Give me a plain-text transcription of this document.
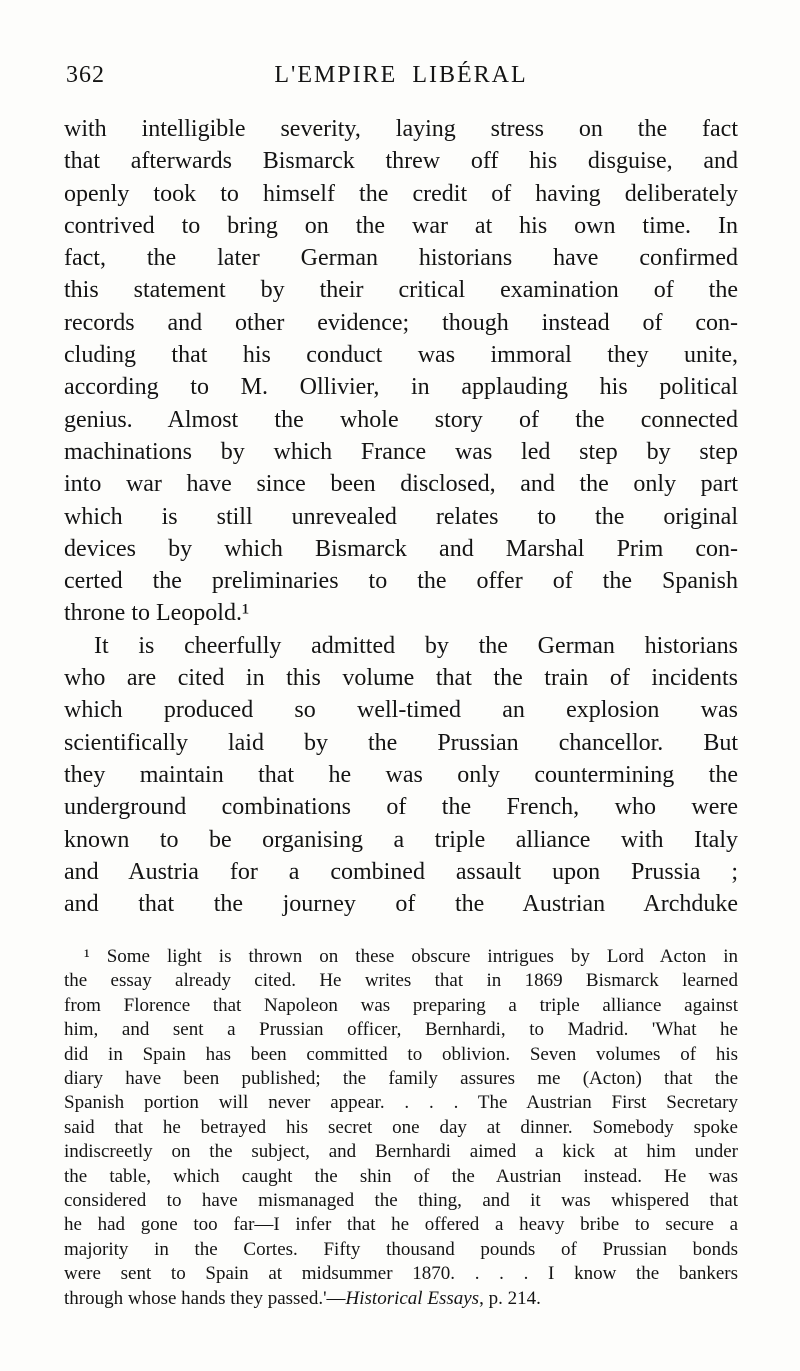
362	L'EMPIRE LIBÉRAL
with intelligible severity, laying stress on the fact
that afterwards Bismarck threw off his disguise, and
openly took to himself the credit of having deliberately
contrived to bring on the war at his own time. In
fact, the later German historians have confirmed
this statement by their critical examination of the
records and other evidence; though instead of con-
cluding that his conduct was immoral they unite,
according to M. Ollivier, in applauding his political
genius. Almost the whole story of the connected
machinations by which France was led step by step
into war have since been disclosed, and the only part
which is still unrevealed relates to the original
devices by which Bismarck and Marshal Prim con-
certed the preliminaries to the offer of the Spanish
throne to Leopold.¹
It is cheerfully admitted by the German historians
who are cited in this volume that the train of incidents
which produced so well-timed an explosion was
scientifically laid by the Prussian chancellor. But
they maintain that he was only countermining the
underground combinations of the French, who were
known to be organising a triple alliance with Italy
and Austria for a combined assault upon Prussia ;
and that the journey of the Austrian Archduke
¹ Some light is thrown on these obscure intrigues by Lord Acton in
the essay already cited. He writes that in 1869 Bismarck learned
from Florence that Napoleon was preparing a triple alliance against
him, and sent a Prussian officer, Bernhardi, to Madrid. 'What he
did in Spain has been committed to oblivion. Seven volumes of his
diary have been published; the family assures me (Acton) that the
Spanish portion will never appear. . . . The Austrian First Secretary
said that he betrayed his secret one day at dinner. Somebody spoke
indiscreetly on the subject, and Bernhardi aimed a kick at him under
the table, which caught the shin of the Austrian instead. He was
considered to have mismanaged the thing, and it was whispered that
he had gone too far—I infer that he offered a heavy bribe to secure a
majority in the Cortes. Fifty thousand pounds of Prussian bonds
were sent to Spain at midsummer 1870. . . . I know the bankers
through whose hands they passed.'—Historical Essays, p. 214.
